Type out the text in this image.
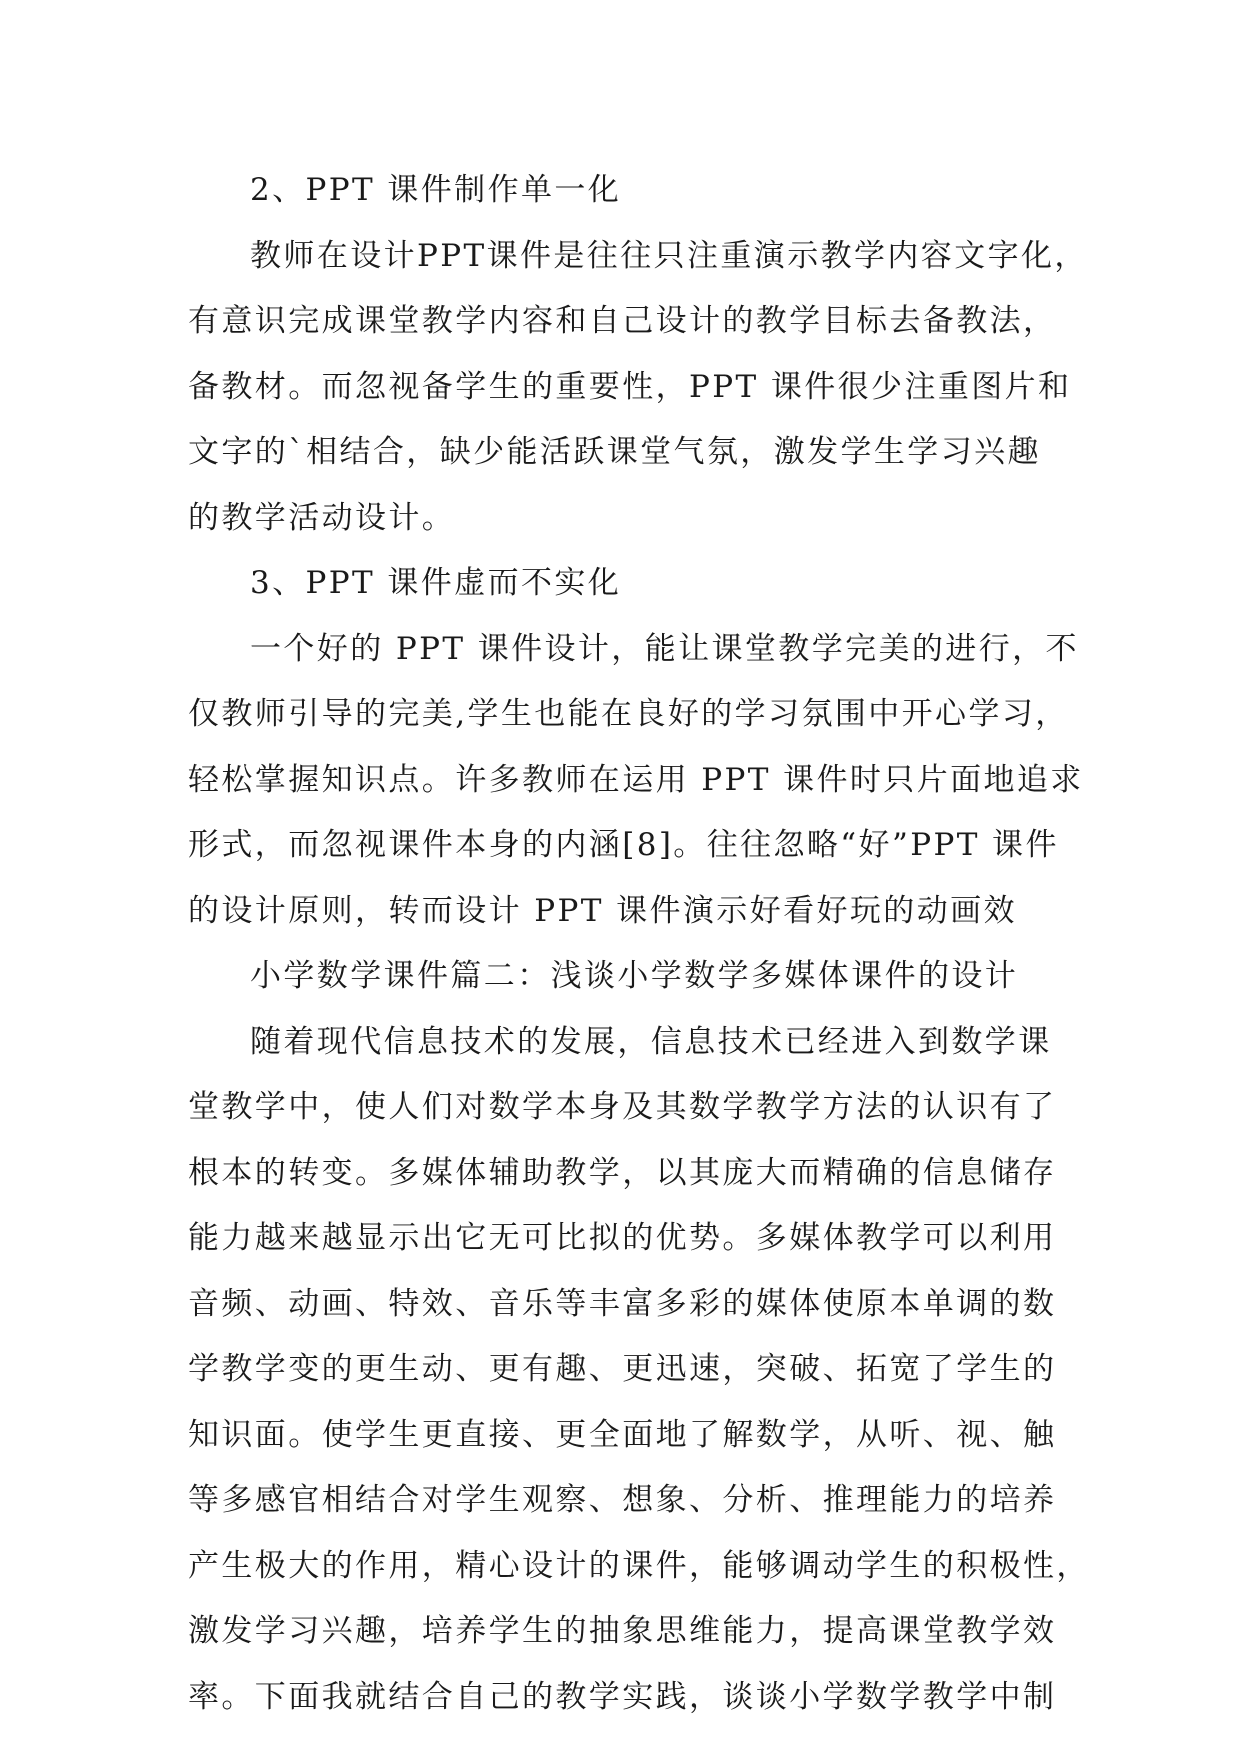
2、PPT 课件制作单一化
教师在设计PPT课件是往往只注重演示教学内容文字化，
有意识完成课堂教学内容和自己设计的教学目标去备教法，
备教材。而忽视备学生的重要性，PPT 课件很少注重图片和
文字的`相结合，缺少能活跃课堂气氛，激发学生学习兴趣
的教学活动设计。
3、PPT 课件虚而不实化
一个好的 PPT 课件设计，能让课堂教学完美的进行，不
仅教师引导的完美,学生也能在良好的学习氛围中开心学习，
轻松掌握知识点。许多教师在运用 PPT 课件时只片面地追求
形式，而忽视课件本身的内涵[8]。往往忽略“好”PPT 课件
的设计原则，转而设计 PPT 课件演示好看好玩的动画效
小学数学课件篇二：浅谈小学数学多媒体课件的设计
随着现代信息技术的发展，信息技术已经进入到数学课
堂教学中，使人们对数学本身及其数学教学方法的认识有了
根本的转变。多媒体辅助教学，以其庞大而精确的信息储存
能力越来越显示出它无可比拟的优势。多媒体教学可以利用
音频、动画、特效、音乐等丰富多彩的媒体使原本单调的数
学教学变的更生动、更有趣、更迅速，突破、拓宽了学生的
知识面。使学生更直接、更全面地了解数学，从听、视、触
等多感官相结合对学生观察、想象、分析、推理能力的培养
产生极大的作用，精心设计的课件，能够调动学生的积极性，
激发学习兴趣，培养学生的抽象思维能力，提高课堂教学效
率。下面我就结合自己的教学实践，谈谈小学数学教学中制
